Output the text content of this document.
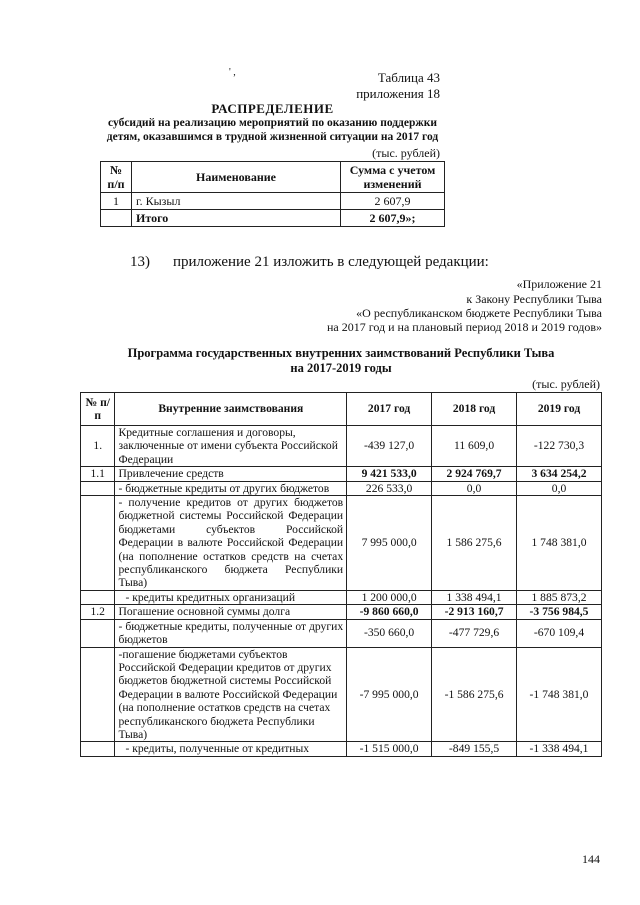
' ,	Таблица 43
приложения 18
РАСПРЕДЕЛЕНИЕ
субсидий на реализацию мероприятий по оказанию поддержки
детям, оказавшимся в трудной жизненной ситуации на 2017 год
(тыс. рублей)
№ п/п	Наименование	Сумма с учетом изменений
1	г. Кызыл	2 607,9
	Итого	2 607,9»;
13) приложение 21 изложить в следующей редакции:
«Приложение 21
к Закону Республики Тыва
«О республиканском бюджете Республики Тыва
на 2017 год и на плановый период 2018 и 2019 годов»
Программа государственных внутренних заимствований Республики Тыва
на 2017-2019 годы
(тыс. рублей)
№ п/п	Внутренние заимствования	2017 год	2018 год	2019 год
1.	Кредитные соглашения и договоры, заключенные от имени субъекта Российской Федерации	-439 127,0	11 609,0	-122 730,3
1.1	Привлечение средств	9 421 533,0	2 924 769,7	3 634 254,2
	- бюджетные кредиты от других бюджетов	226 533,0	0,0	0,0
	- получение кредитов от других бюджетов бюджетной системы Российской Федерации бюджетами субъектов Российской Федерации в валюте Российской Федерации (на пополнение остатков средств на счетах республиканского бюджета Республики Тыва)	7 995 000,0	1 586 275,6	1 748 381,0
	- кредиты кредитных организаций	1 200 000,0	1 338 494,1	1 885 873,2
1.2	Погашение основной суммы долга	-9 860 660,0	-2 913 160,7	-3 756 984,5
	- бюджетные кредиты, полученные от других бюджетов	-350 660,0	-477 729,6	-670 109,4
	-погашение бюджетами субъектов Российской Федерации кредитов от других бюджетов бюджетной системы Российской Федерации в валюте Российской Федерации (на пополнение остатков средств на счетах республиканского бюджета Республики Тыва)	-7 995 000,0	-1 586 275,6	-1 748 381,0
	- кредиты, полученные от кредитных	-1 515 000,0	-849 155,5	-1 338 494,1
144
